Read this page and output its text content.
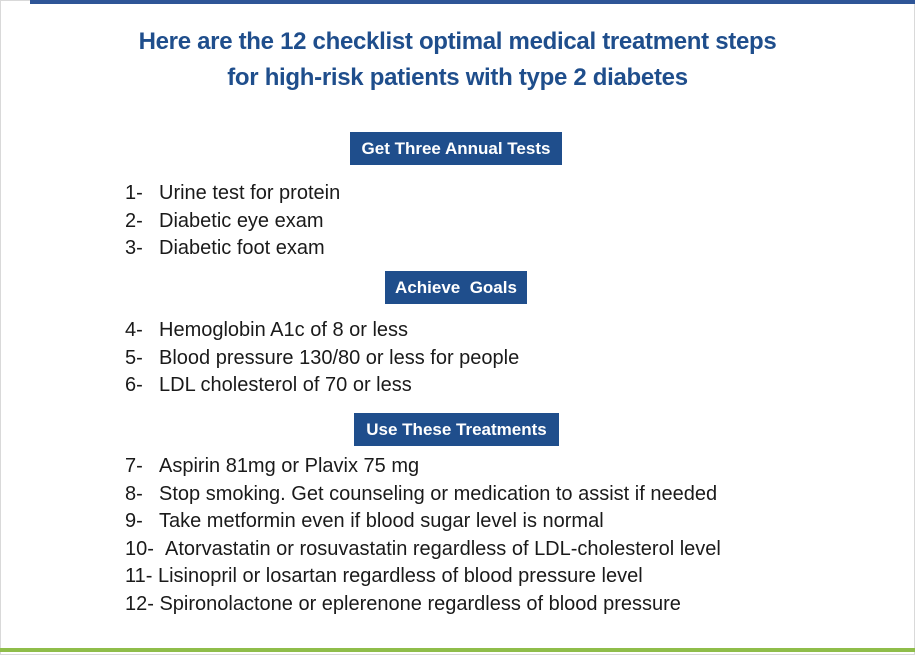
Here are the 12 checklist optimal medical treatment steps
for high-risk patients with type 2 diabetes
Get Three Annual Tests
1- Urine test for protein
2- Diabetic eye exam
3- Diabetic foot exam
Achieve  Goals
4- Hemoglobin A1c of 8 or less
5- Blood pressure 130/80 or less for people
6- LDL cholesterol of 70 or less
Use These Treatments
7- Aspirin 81mg or Plavix 75 mg
8- Stop smoking. Get counseling or medication to assist if needed
9- Take metformin even if blood sugar level is normal
10- Atorvastatin or rosuvastatin regardless of LDL-cholesterol level
11- Lisinopril or losartan regardless of blood pressure level
12- Spironolactone or eplerenone regardless of blood pressure
